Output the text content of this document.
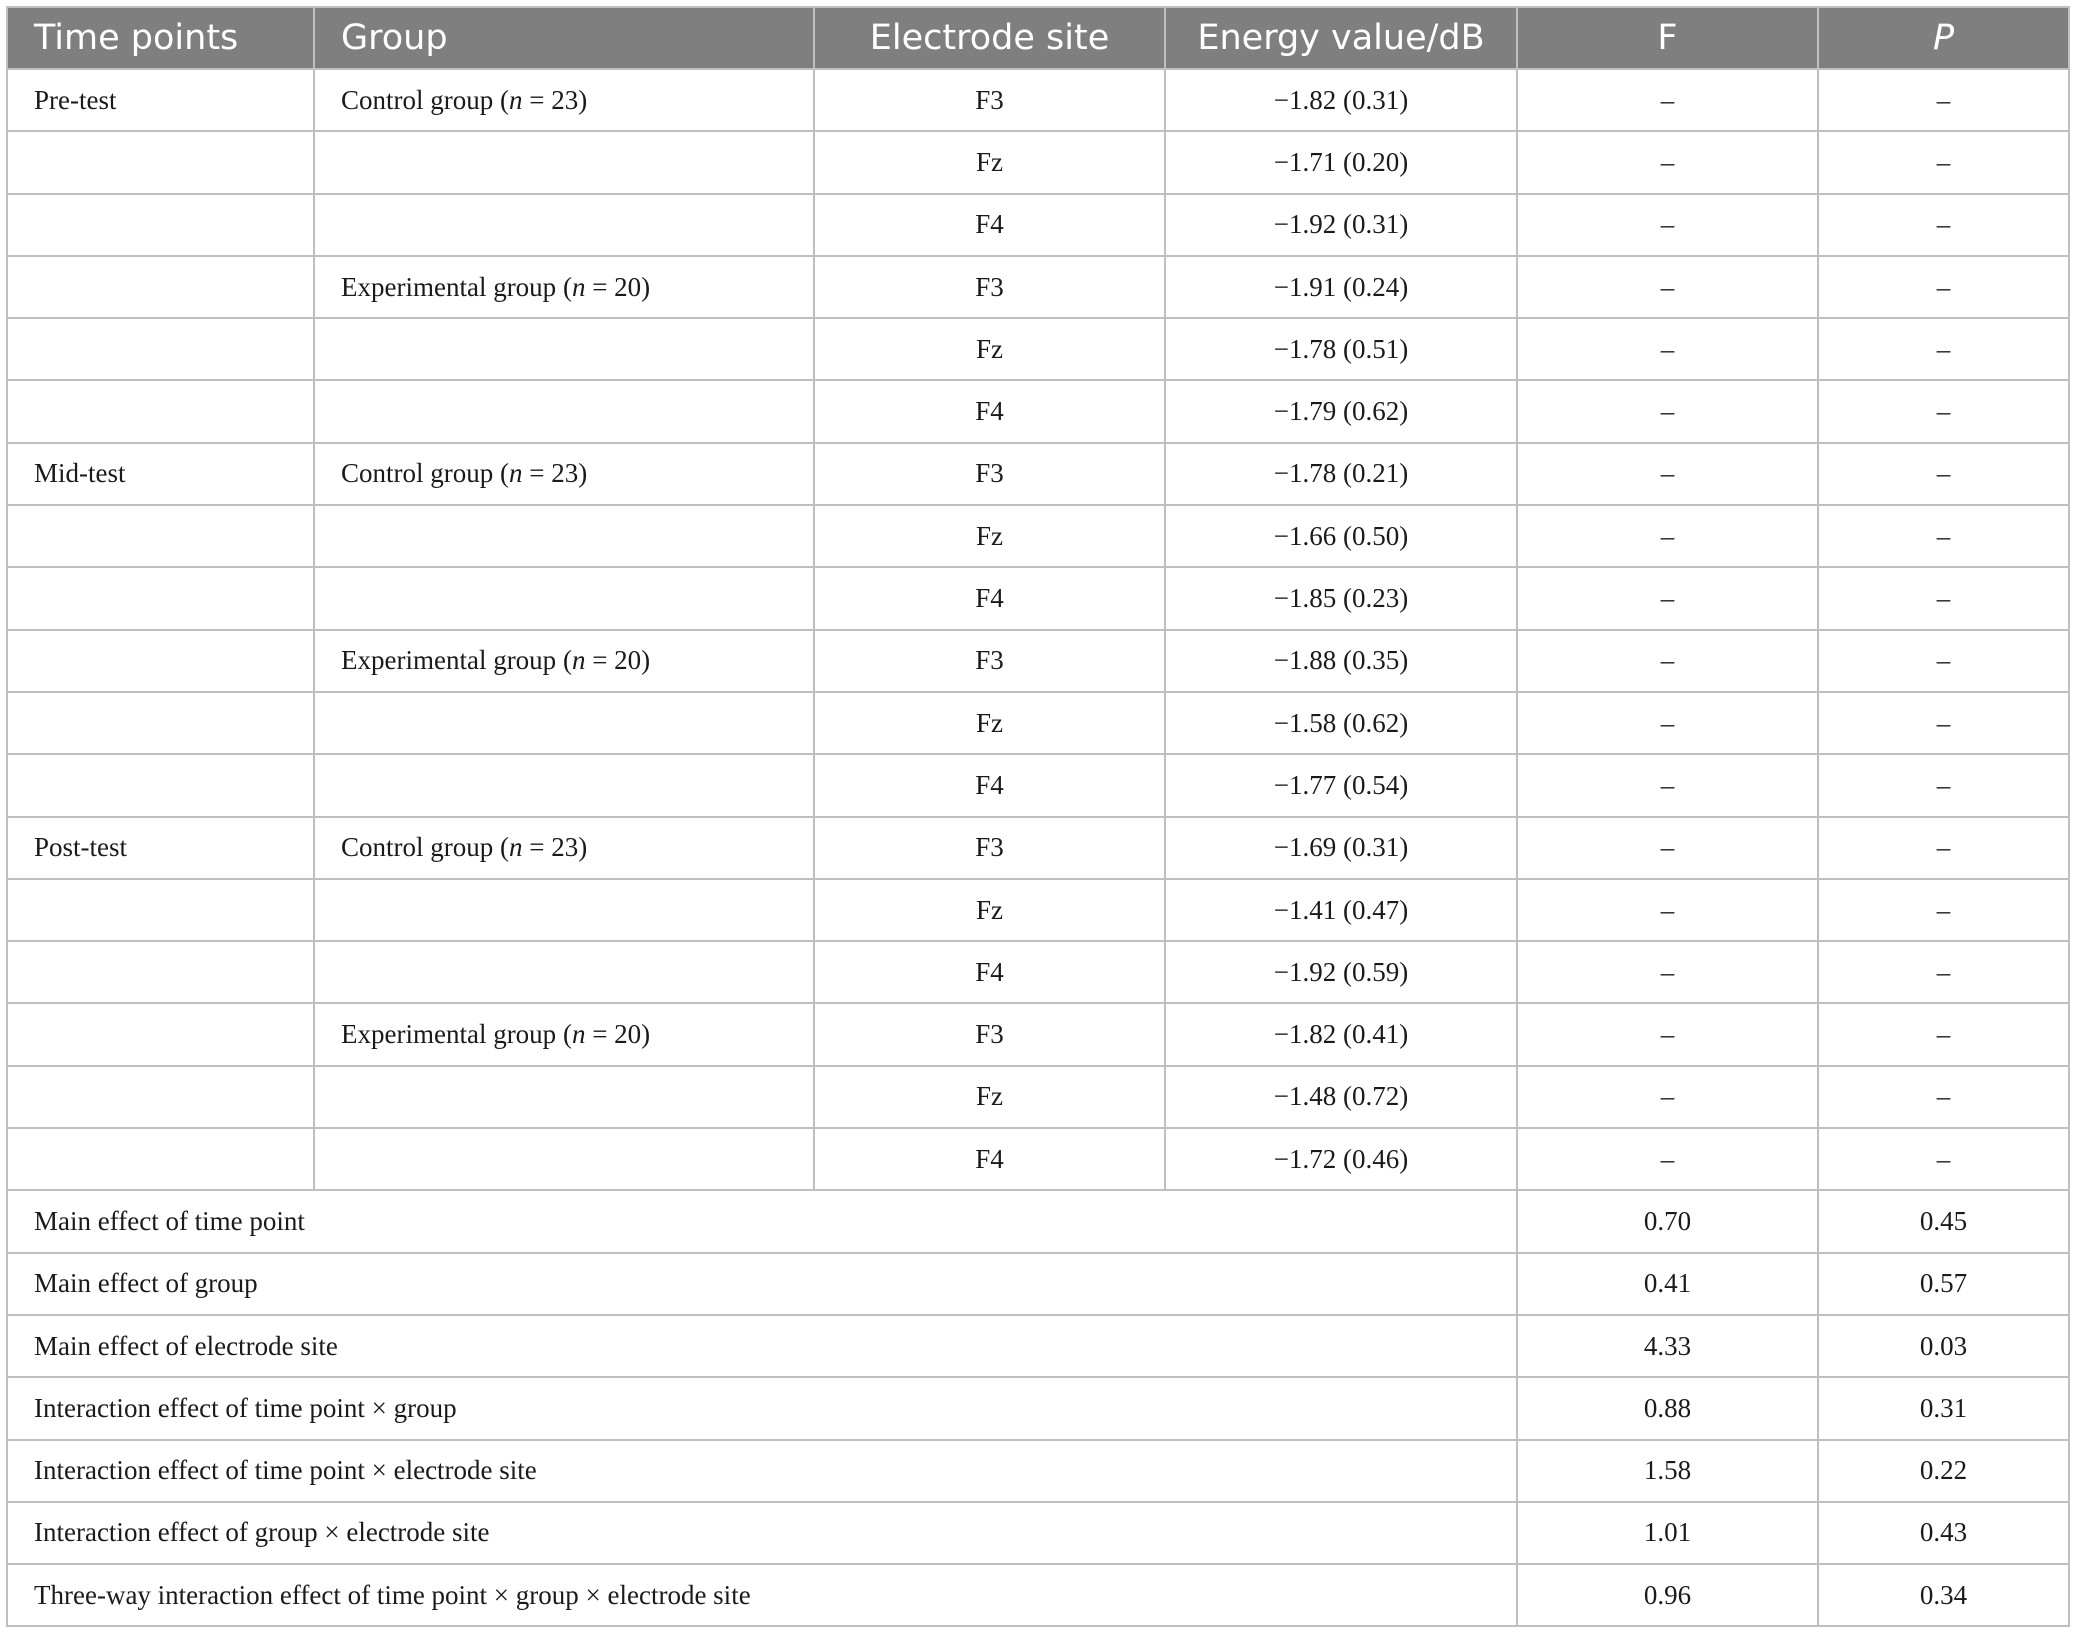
Time points	Group	Electrode site	Energy value/dB	F	P
Pre-test	Control group (n = 23)	F3	−1.82 (0.31)	–	–
		Fz	−1.71 (0.20)	–	–
		F4	−1.92 (0.31)	–	–
	Experimental group (n = 20)	F3	−1.91 (0.24)	–	–
		Fz	−1.78 (0.51)	–	–
		F4	−1.79 (0.62)	–	–
Mid-test	Control group (n = 23)	F3	−1.78 (0.21)	–	–
		Fz	−1.66 (0.50)	–	–
		F4	−1.85 (0.23)	–	–
	Experimental group (n = 20)	F3	−1.88 (0.35)	–	–
		Fz	−1.58 (0.62)	–	–
		F4	−1.77 (0.54)	–	–
Post-test	Control group (n = 23)	F3	−1.69 (0.31)	–	–
		Fz	−1.41 (0.47)	–	–
		F4	−1.92 (0.59)	–	–
	Experimental group (n = 20)	F3	−1.82 (0.41)	–	–
		Fz	−1.48 (0.72)	–	–
		F4	−1.72 (0.46)	–	–
Main effect of time point				0.70	0.45
Main effect of group				0.41	0.57
Main effect of electrode site				4.33	0.03
Interaction effect of time point × group				0.88	0.31
Interaction effect of time point × electrode site				1.58	0.22
Interaction effect of group × electrode site				1.01	0.43
Three-way interaction effect of time point × group × electrode site				0.96	0.34
